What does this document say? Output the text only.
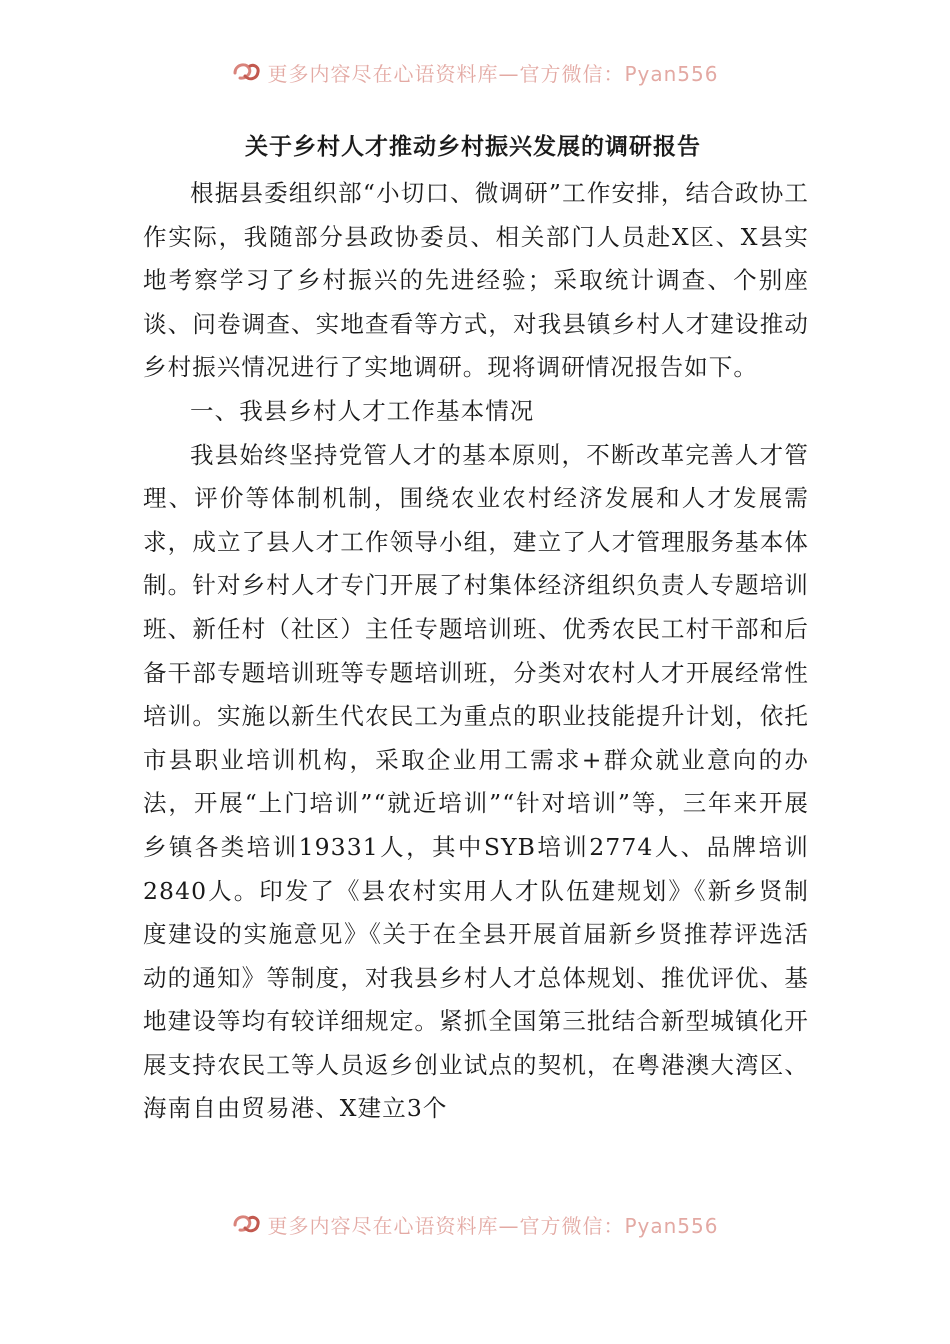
更多内容尽在心语资料库—官方微信：Pyan556
关于乡村人才推动乡村振兴发展的调研报告

根据县委组织部“小切口、微调研”工作安排，结合政协工作实际，我随部分县政协委员、相关部门人员赴X区、X县实地考察学习了乡村振兴的先进经验；采取统计调查、个别座谈、问卷调查、实地查看等方式，对我县镇乡村人才建设推动乡村振兴情况进行了实地调研。现将调研情况报告如下。

一、我县乡村人才工作基本情况

我县始终坚持党管人才的基本原则，不断改革完善人才管理、评价等体制机制，围绕农业农村经济发展和人才发展需求，成立了县人才工作领导小组，建立了人才管理服务基本体制。针对乡村人才专门开展了村集体经济组织负责人专题培训班、新任村（社区）主任专题培训班、优秀农民工村干部和后备干部专题培训班等专题培训班，分类对农村人才开展经常性培训。实施以新生代农民工为重点的职业技能提升计划，依托市县职业培训机构，采取企业用工需求+群众就业意向的办法，开展“上门培训”“就近培训”“针对培训”等，三年来开展乡镇各类培训19331人，其中SYB培训2774人、品牌培训2840人。印发了《县农村实用人才队伍建规划》《新乡贤制度建设的实施意见》《关于在全县开展首届新乡贤推荐评选活动的通知》等制度，对我县乡村人才总体规划、推优评优、基地建设等均有较详细规定。紧抓全国第三批结合新型城镇化开展支持农民工等人员返乡创业试点的契机，在粤港澳大湾区、海南自由贸易港、X建立3个

更多内容尽在心语资料库—官方微信：Pyan556
